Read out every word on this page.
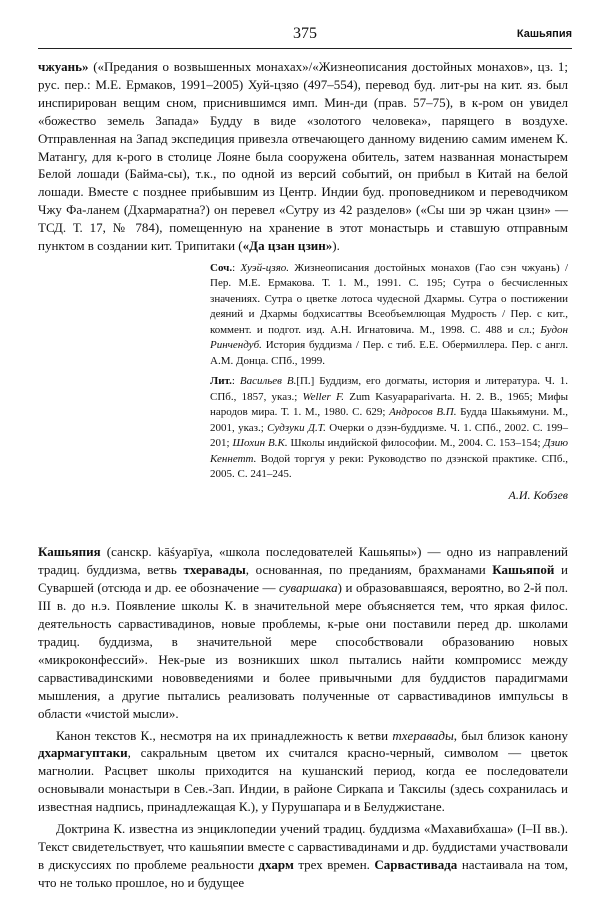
375	Кашьяпия

чжуань» («Предания о возвышенных монахах»/«Жизнеописания достойных монахов», цз. 1; рус. пер.: М.Е. Ермаков, 1991–2005) Хуй-цзяо (497–554), перевод буд. лит-ры на кит. яз. был инспирирован вещим сном, приснившимся имп. Мин-ди (прав. 57–75), в к-ром он увидел «божество земель Запада» Будду в виде «золотого человека», парящего в воздухе. Отправленная на Запад экспедиция привезла отвечающего данному видению самим именем К. Матангу, для к-рого в столице Лояне была сооружена обитель, затем названная монастырем Белой лошади (Байма-сы), т.к., по одной из версий событий, он прибыл в Китай на белой лошади. Вместе с позднее прибывшим из Центр. Индии буд. проповедником и переводчиком Чжу Фа-ланем (Дхармаратна?) он перевел «Сутру из 42 разделов» («Сы ши эр чжан цзин» — ТСД. Т. 17, № 784), помещенную на хранение в этот монастырь и ставшую отправным пунктом в создании кит. Трипитаки («Да цзан цзин»).

Соч.: Хуэй-цзяо. Жизнеописания достойных монахов (Гао сэн чжуань) / Пер. М.Е. Ермакова. Т. 1. М., 1991. С. 195; Сутра о бесчисленных значениях. Сутра о цветке лотоса чудесной Дхармы. Сутра о постижении деяний и Дхармы бодхисаттвы Всеобъемлющая Мудрость / Пер. с кит., коммент. и подгот. изд. А.Н. Игнатовича. М., 1998. С. 488 и сл.; Будон Ринчендуб. История буддизма / Пер. с тиб. Е.Е. Обермиллера. Пер. с англ. А.М. Донца. СПб., 1999.

Лит.: Васильев В.[П.] Буддизм, его догматы, история и литература. Ч. 1. СПб., 1857, указ.; Weller F. Zum Kasyapaparivarta. H. 2. B., 1965; Мифы народов мира. Т. 1. М., 1980. С. 629; Андросов В.П. Будда Шакьямуни. М., 2001, указ.; Судзуки Д.Т. Очерки о дзэн-буддизме. Ч. 1. СПб., 2002. С. 199–201; Шохин В.К. Школы индийской философии. М., 2004. С. 153–154; Дзию Кеннетт. Водой торгуя у реки: Руководство по дзэнской практике. СПб., 2005. С. 241–245.

А.И. Кобзев

Кашьяпия (санскр. kāśyapīya, «школа последователей Кашьяпы») — одно из направлений традиц. буддизма, ветвь тхеравады, основанная, по преданиям, брахманами Кашьяпой и Суваршей (отсюда и др. ее обозначение — суваршака) и образовавшаяся, вероятно, во 2-й пол. III в. до н.э. Появление школы К. в значительной мере объясняется тем, что яркая филос. деятельность сарвастивадинов, новые проблемы, к-рые они поставили перед др. школами традиц. буддизма, в значительной мере способствовали образованию новых «микроконфессий». Нек-рые из возникших школ пытались найти компромисс между сарвастивадинскими нововведениями и более привычными для буддистов парадигмами мышления, а другие пытались реализовать полученные от сарвастивадинов импульсы в области «чистой мысли».

Канон текстов К., несмотря на их принадлежность к ветви тхеравады, был близок канону дхармагуптаки, сакральным цветом их считался красно-черный, символом — цветок магнолии. Расцвет школы приходится на кушанский период, когда ее последователи основывали монастыри в Сев.-Зап. Индии, в районе Сиркапа и Таксилы (здесь сохранилась и известная надпись, принадлежащая К.), у Пурушапара и в Белуджистане.

Доктрина К. известна из энциклопедии учений традиц. буддизма «Махавибхаша» (I–II вв.). Текст свидетельствует, что кашьяпии вместе с сарвастивадинами и др. буддистами участвовали в дискуссиях по проблеме реальности дхарм трех времен. Сарвастивада настаивала на том, что не только прошлое, но и будущее
